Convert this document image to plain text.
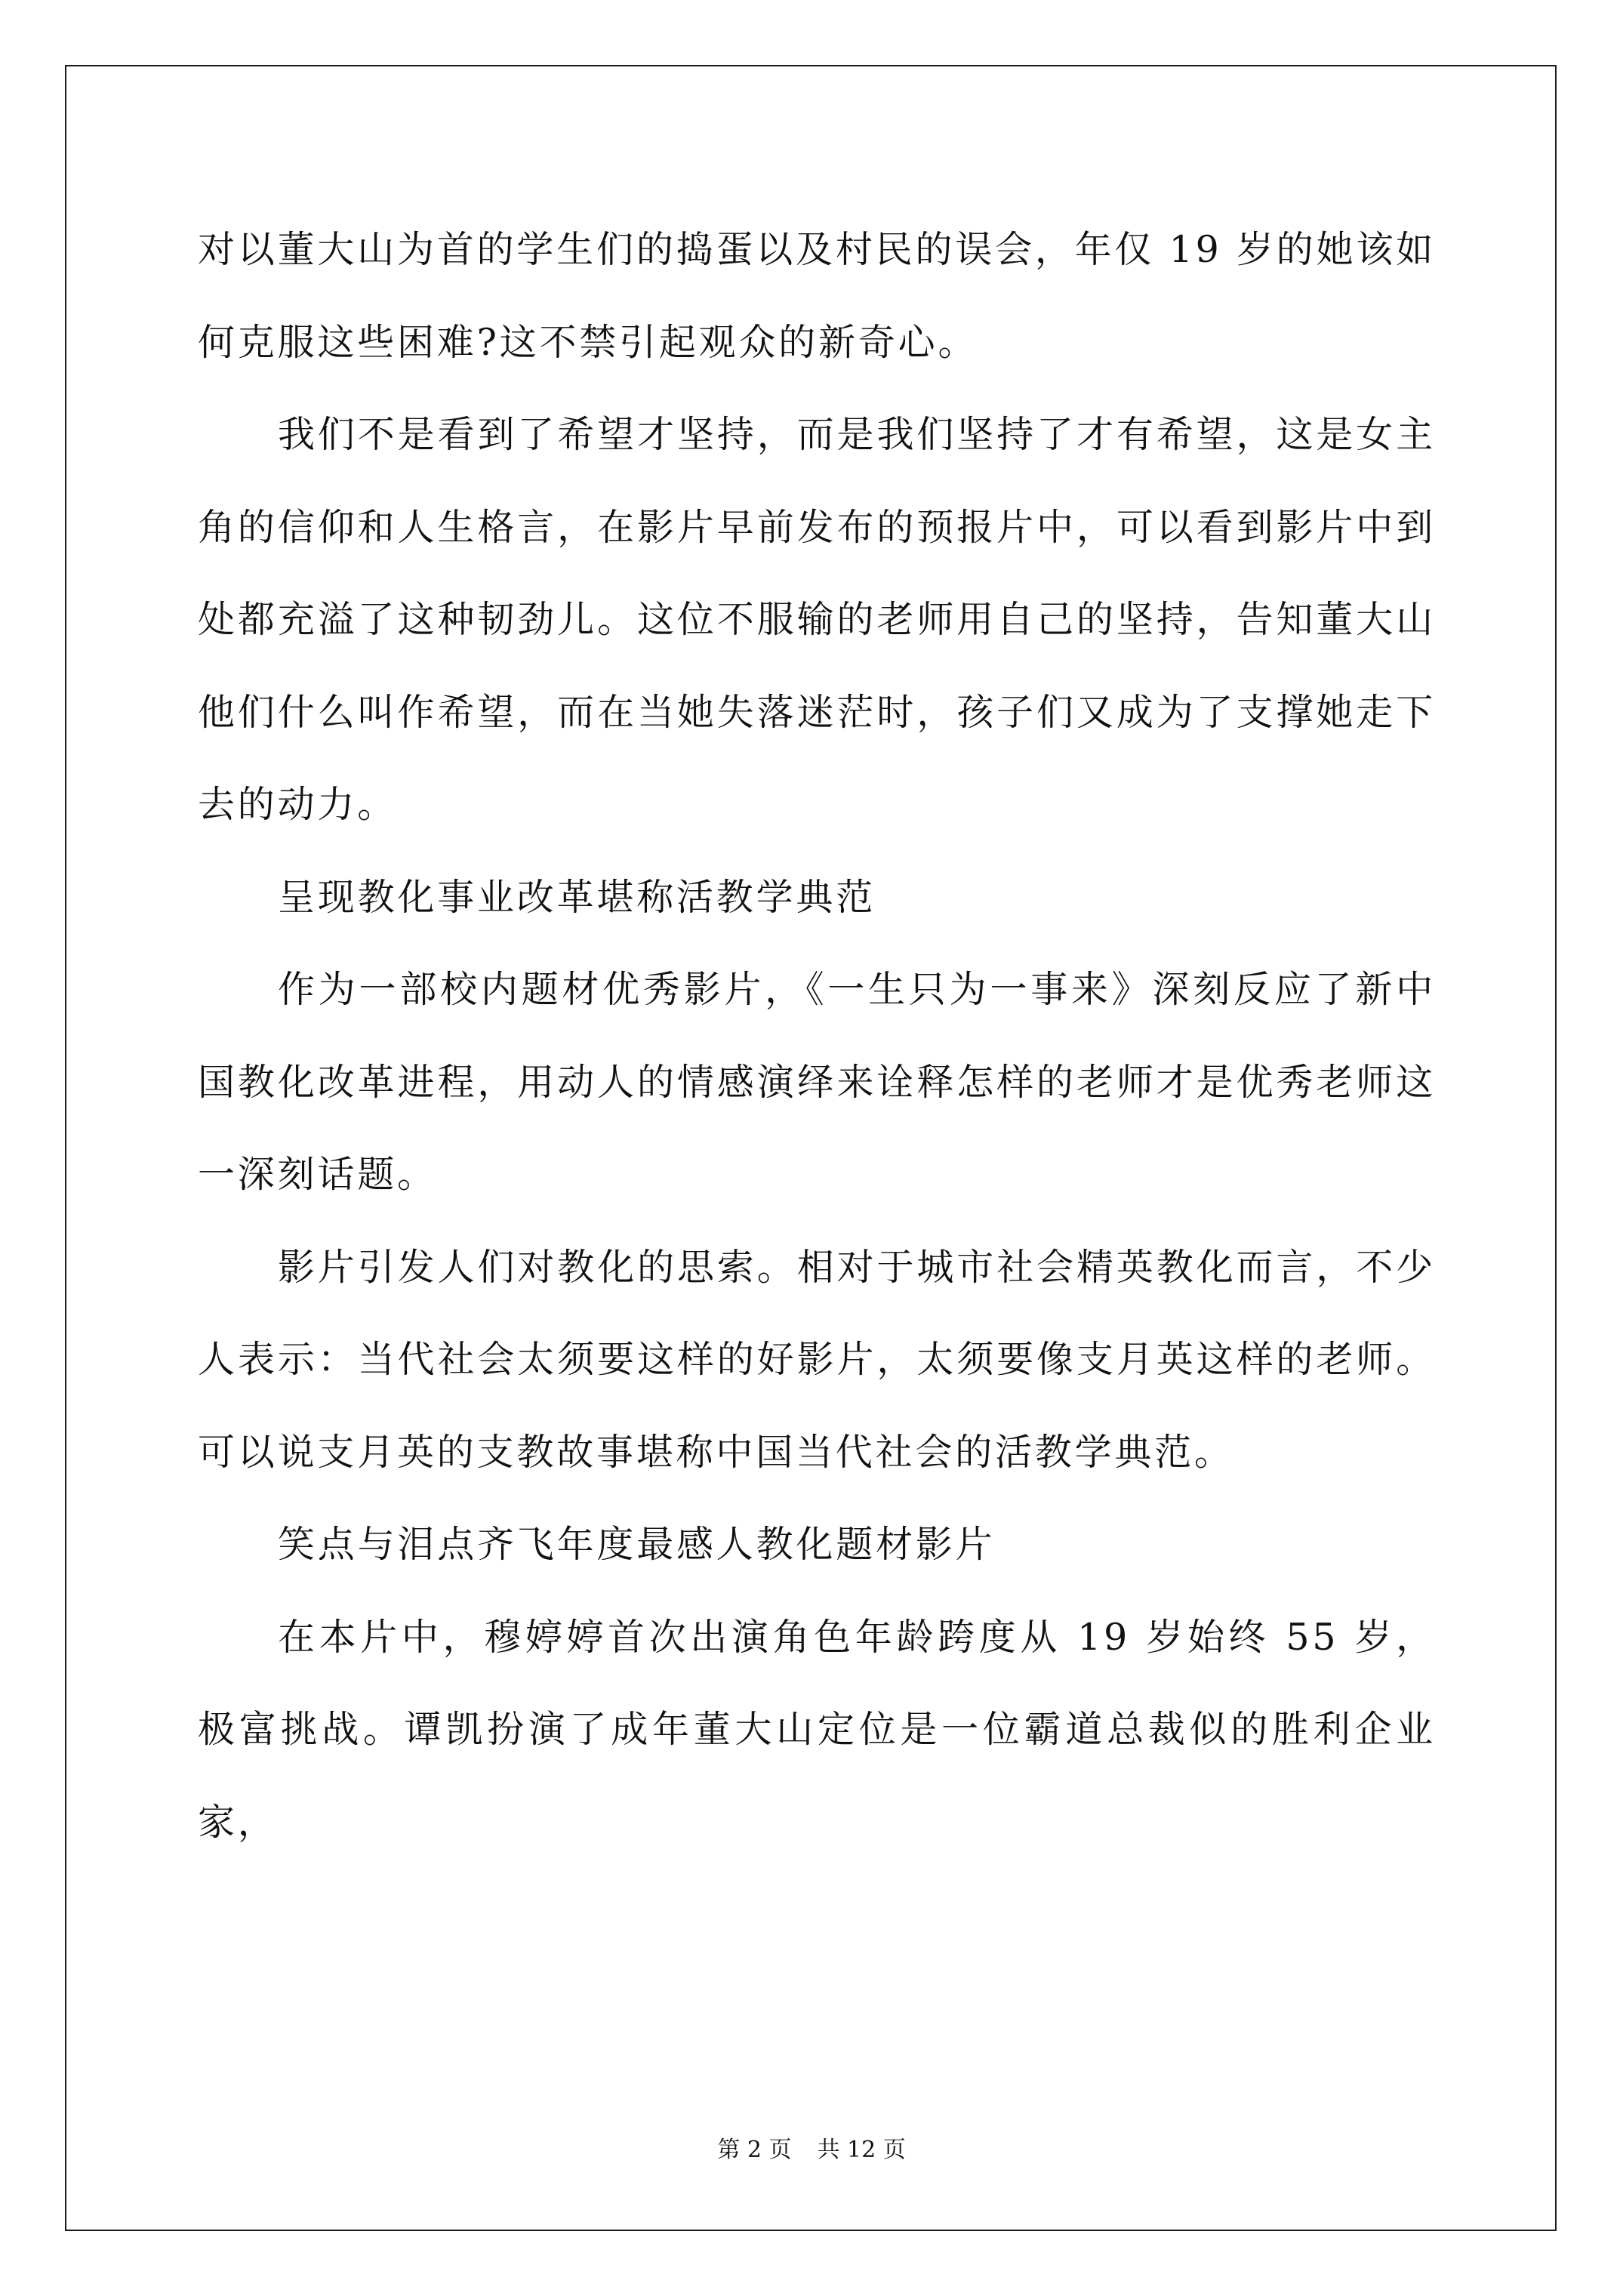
对以董大山为首的学生们的捣蛋以及村民的误会，年仅 19 岁的她该如何克服这些困难?这不禁引起观众的新奇心。

我们不是看到了希望才坚持，而是我们坚持了才有希望，这是女主角的信仰和人生格言，在影片早前发布的预报片中，可以看到影片中到处都充溢了这种韧劲儿。这位不服输的老师用自己的坚持，告知董大山他们什么叫作希望，而在当她失落迷茫时，孩子们又成为了支撑她走下去的动力。

呈现教化事业改革堪称活教学典范

作为一部校内题材优秀影片，《一生只为一事来》深刻反应了新中国教化改革进程，用动人的情感演绎来诠释怎样的老师才是优秀老师这一深刻话题。

影片引发人们对教化的思索。相对于城市社会精英教化而言，不少人表示：当代社会太须要这样的好影片，太须要像支月英这样的老师。可以说支月英的支教故事堪称中国当代社会的活教学典范。

笑点与泪点齐飞年度最感人教化题材影片

在本片中，穆婷婷首次出演角色年龄跨度从 19 岁始终 55 岁，极富挑战。谭凯扮演了成年董大山定位是一位霸道总裁似的胜利企业家，

第 2 页 共 12 页
